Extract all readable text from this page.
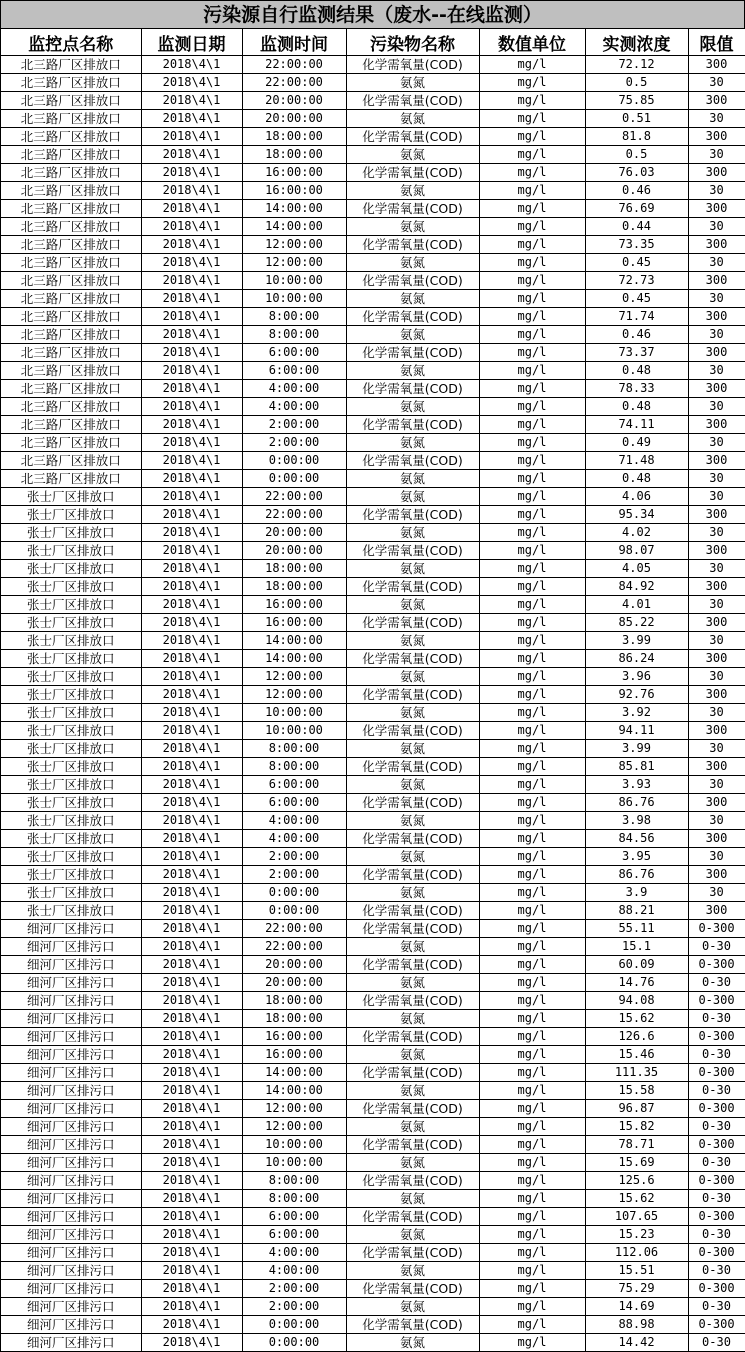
污染源自行监测结果（废水--在线监测）
监控点名称	监测日期	监测时间	污染物名称	数值单位	实测浓度	限值
北三路厂区排放口	2018\4\1	22:00:00	化学需氧量(COD)	mg/l	72.12	300
北三路厂区排放口	2018\4\1	22:00:00	氨氮	mg/l	0.5	30
北三路厂区排放口	2018\4\1	20:00:00	化学需氧量(COD)	mg/l	75.85	300
北三路厂区排放口	2018\4\1	20:00:00	氨氮	mg/l	0.51	30
北三路厂区排放口	2018\4\1	18:00:00	化学需氧量(COD)	mg/l	81.8	300
北三路厂区排放口	2018\4\1	18:00:00	氨氮	mg/l	0.5	30
北三路厂区排放口	2018\4\1	16:00:00	化学需氧量(COD)	mg/l	76.03	300
北三路厂区排放口	2018\4\1	16:00:00	氨氮	mg/l	0.46	30
北三路厂区排放口	2018\4\1	14:00:00	化学需氧量(COD)	mg/l	76.69	300
北三路厂区排放口	2018\4\1	14:00:00	氨氮	mg/l	0.44	30
北三路厂区排放口	2018\4\1	12:00:00	化学需氧量(COD)	mg/l	73.35	300
北三路厂区排放口	2018\4\1	12:00:00	氨氮	mg/l	0.45	30
北三路厂区排放口	2018\4\1	10:00:00	化学需氧量(COD)	mg/l	72.73	300
北三路厂区排放口	2018\4\1	10:00:00	氨氮	mg/l	0.45	30
北三路厂区排放口	2018\4\1	8:00:00	化学需氧量(COD)	mg/l	71.74	300
北三路厂区排放口	2018\4\1	8:00:00	氨氮	mg/l	0.46	30
北三路厂区排放口	2018\4\1	6:00:00	化学需氧量(COD)	mg/l	73.37	300
北三路厂区排放口	2018\4\1	6:00:00	氨氮	mg/l	0.48	30
北三路厂区排放口	2018\4\1	4:00:00	化学需氧量(COD)	mg/l	78.33	300
北三路厂区排放口	2018\4\1	4:00:00	氨氮	mg/l	0.48	30
北三路厂区排放口	2018\4\1	2:00:00	化学需氧量(COD)	mg/l	74.11	300
北三路厂区排放口	2018\4\1	2:00:00	氨氮	mg/l	0.49	30
北三路厂区排放口	2018\4\1	0:00:00	化学需氧量(COD)	mg/l	71.48	300
北三路厂区排放口	2018\4\1	0:00:00	氨氮	mg/l	0.48	30
张士厂区排放口	2018\4\1	22:00:00	氨氮	mg/l	4.06	30
张士厂区排放口	2018\4\1	22:00:00	化学需氧量(COD)	mg/l	95.34	300
张士厂区排放口	2018\4\1	20:00:00	氨氮	mg/l	4.02	30
张士厂区排放口	2018\4\1	20:00:00	化学需氧量(COD)	mg/l	98.07	300
张士厂区排放口	2018\4\1	18:00:00	氨氮	mg/l	4.05	30
张士厂区排放口	2018\4\1	18:00:00	化学需氧量(COD)	mg/l	84.92	300
张士厂区排放口	2018\4\1	16:00:00	氨氮	mg/l	4.01	30
张士厂区排放口	2018\4\1	16:00:00	化学需氧量(COD)	mg/l	85.22	300
张士厂区排放口	2018\4\1	14:00:00	氨氮	mg/l	3.99	30
张士厂区排放口	2018\4\1	14:00:00	化学需氧量(COD)	mg/l	86.24	300
张士厂区排放口	2018\4\1	12:00:00	氨氮	mg/l	3.96	30
张士厂区排放口	2018\4\1	12:00:00	化学需氧量(COD)	mg/l	92.76	300
张士厂区排放口	2018\4\1	10:00:00	氨氮	mg/l	3.92	30
张士厂区排放口	2018\4\1	10:00:00	化学需氧量(COD)	mg/l	94.11	300
张士厂区排放口	2018\4\1	8:00:00	氨氮	mg/l	3.99	30
张士厂区排放口	2018\4\1	8:00:00	化学需氧量(COD)	mg/l	85.81	300
张士厂区排放口	2018\4\1	6:00:00	氨氮	mg/l	3.93	30
张士厂区排放口	2018\4\1	6:00:00	化学需氧量(COD)	mg/l	86.76	300
张士厂区排放口	2018\4\1	4:00:00	氨氮	mg/l	3.98	30
张士厂区排放口	2018\4\1	4:00:00	化学需氧量(COD)	mg/l	84.56	300
张士厂区排放口	2018\4\1	2:00:00	氨氮	mg/l	3.95	30
张士厂区排放口	2018\4\1	2:00:00	化学需氧量(COD)	mg/l	86.76	300
张士厂区排放口	2018\4\1	0:00:00	氨氮	mg/l	3.9	30
张士厂区排放口	2018\4\1	0:00:00	化学需氧量(COD)	mg/l	88.21	300
细河厂区排污口	2018\4\1	22:00:00	化学需氧量(COD)	mg/l	55.11	0-300
细河厂区排污口	2018\4\1	22:00:00	氨氮	mg/l	15.1	0-30
细河厂区排污口	2018\4\1	20:00:00	化学需氧量(COD)	mg/l	60.09	0-300
细河厂区排污口	2018\4\1	20:00:00	氨氮	mg/l	14.76	0-30
细河厂区排污口	2018\4\1	18:00:00	化学需氧量(COD)	mg/l	94.08	0-300
细河厂区排污口	2018\4\1	18:00:00	氨氮	mg/l	15.62	0-30
细河厂区排污口	2018\4\1	16:00:00	化学需氧量(COD)	mg/l	126.6	0-300
细河厂区排污口	2018\4\1	16:00:00	氨氮	mg/l	15.46	0-30
细河厂区排污口	2018\4\1	14:00:00	化学需氧量(COD)	mg/l	111.35	0-300
细河厂区排污口	2018\4\1	14:00:00	氨氮	mg/l	15.58	0-30
细河厂区排污口	2018\4\1	12:00:00	化学需氧量(COD)	mg/l	96.87	0-300
细河厂区排污口	2018\4\1	12:00:00	氨氮	mg/l	15.82	0-30
细河厂区排污口	2018\4\1	10:00:00	化学需氧量(COD)	mg/l	78.71	0-300
细河厂区排污口	2018\4\1	10:00:00	氨氮	mg/l	15.69	0-30
细河厂区排污口	2018\4\1	8:00:00	化学需氧量(COD)	mg/l	125.6	0-300
细河厂区排污口	2018\4\1	8:00:00	氨氮	mg/l	15.62	0-30
细河厂区排污口	2018\4\1	6:00:00	化学需氧量(COD)	mg/l	107.65	0-300
细河厂区排污口	2018\4\1	6:00:00	氨氮	mg/l	15.23	0-30
细河厂区排污口	2018\4\1	4:00:00	化学需氧量(COD)	mg/l	112.06	0-300
细河厂区排污口	2018\4\1	4:00:00	氨氮	mg/l	15.51	0-30
细河厂区排污口	2018\4\1	2:00:00	化学需氧量(COD)	mg/l	75.29	0-300
细河厂区排污口	2018\4\1	2:00:00	氨氮	mg/l	14.69	0-30
细河厂区排污口	2018\4\1	0:00:00	化学需氧量(COD)	mg/l	88.98	0-300
细河厂区排污口	2018\4\1	0:00:00	氨氮	mg/l	14.42	0-30
